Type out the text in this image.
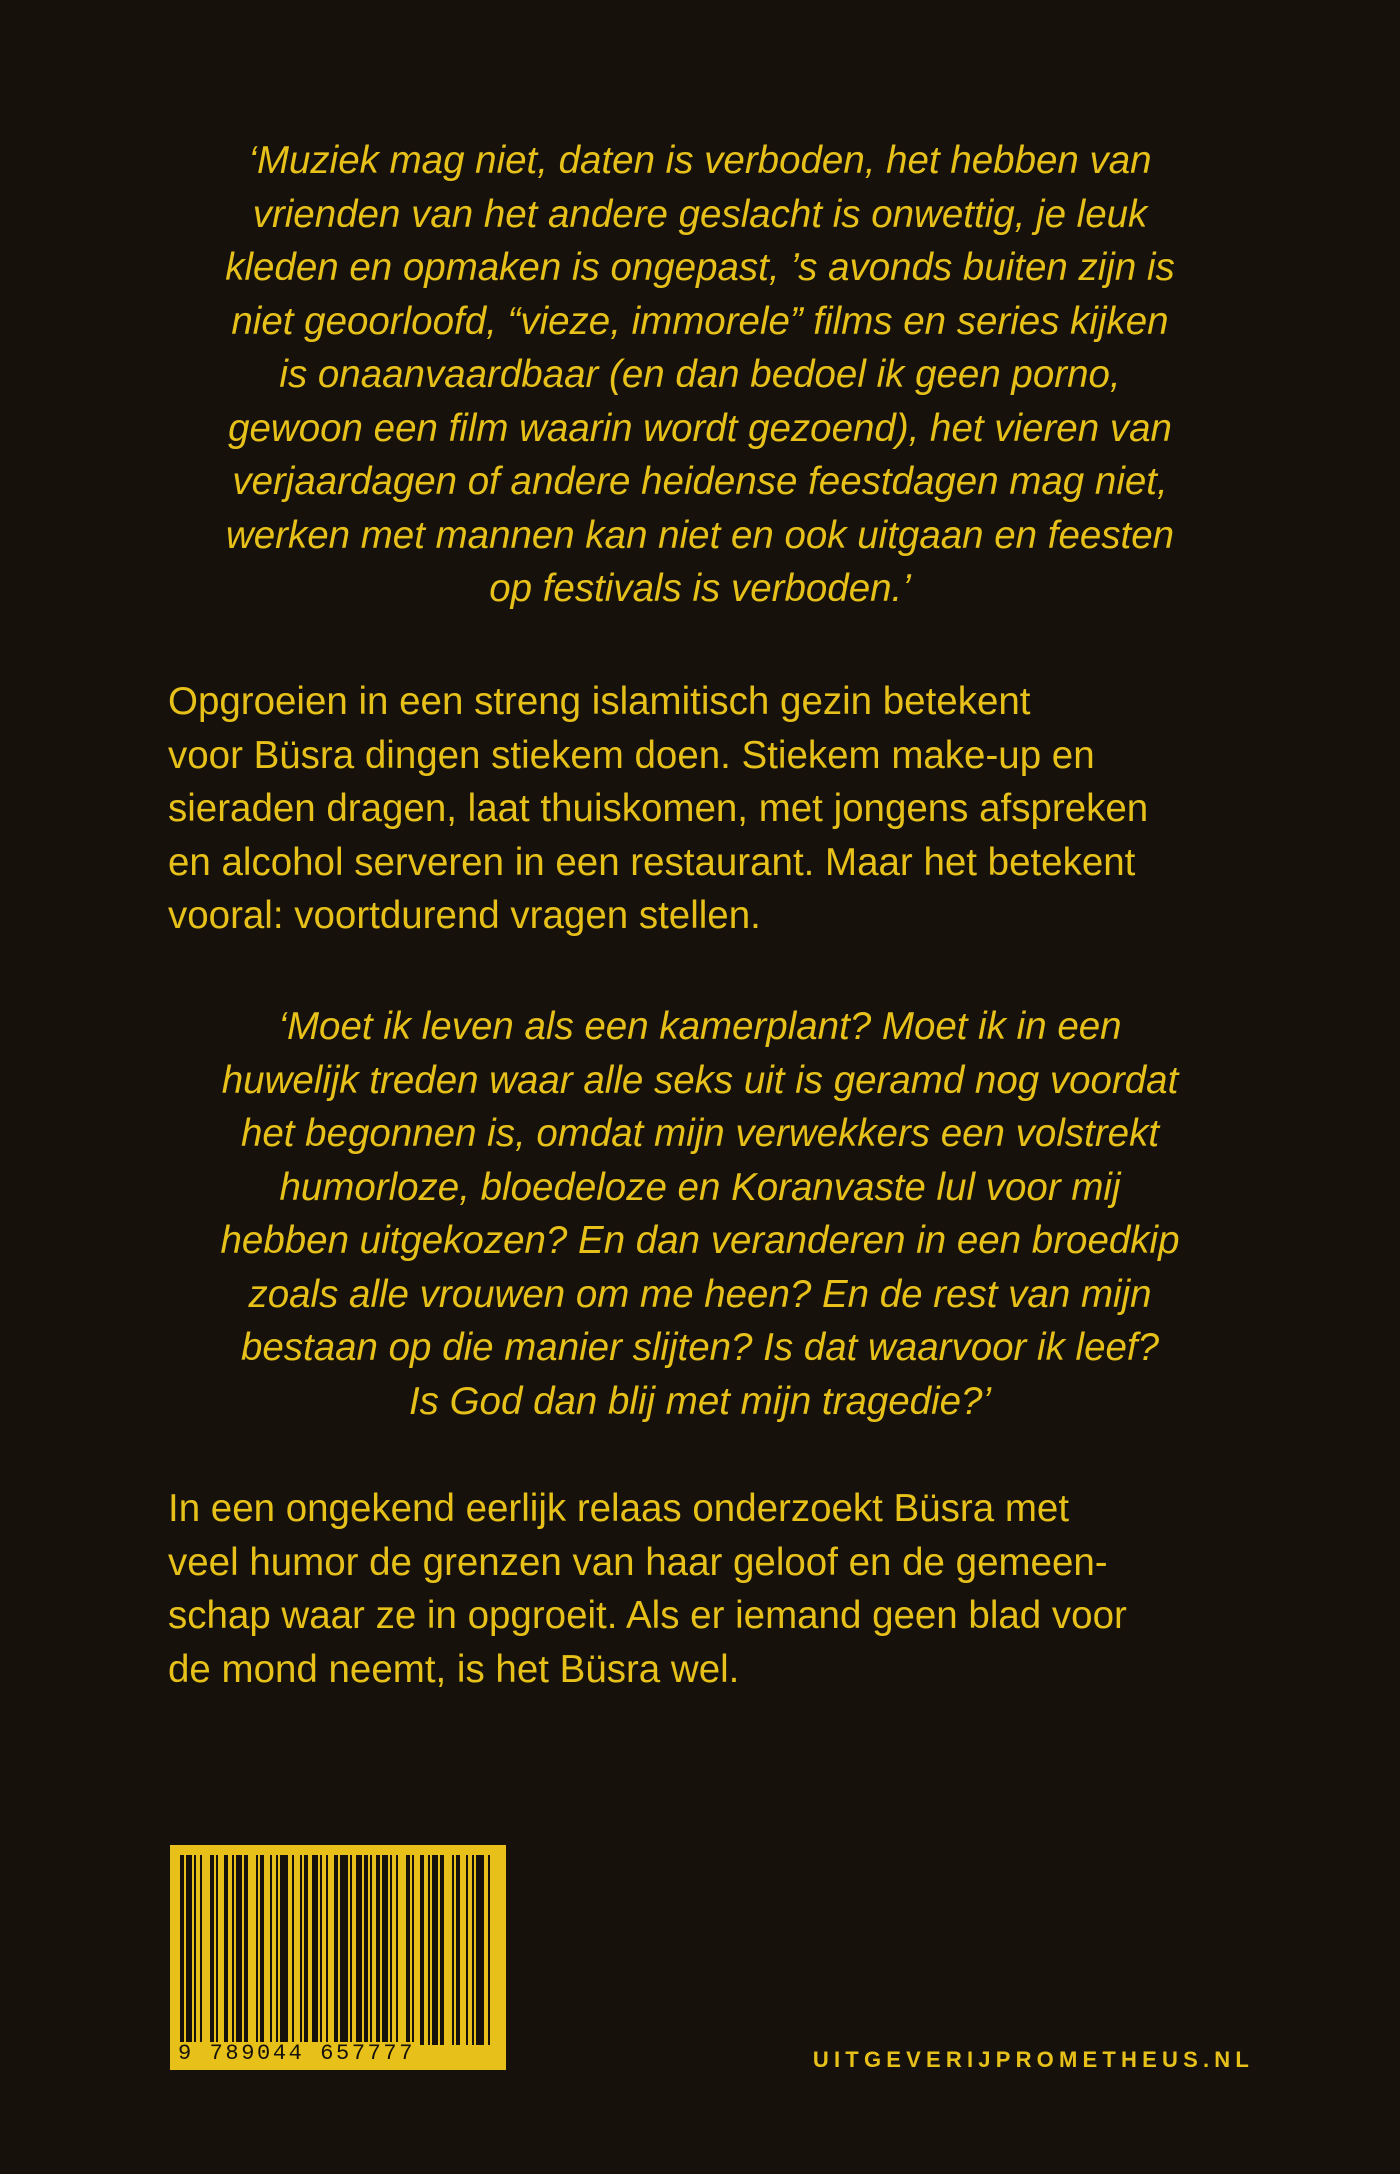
‘Muziek mag niet, daten is verboden, het hebben van
vrienden van het andere geslacht is onwettig, je leuk
kleden en opmaken is ongepast, ’s avonds buiten zijn is
niet geoorloofd, “vieze, immorele” films en series kijken
is onaanvaardbaar (en dan bedoel ik geen porno,
gewoon een film waarin wordt gezoend), het vieren van
verjaardagen of andere heidense feestdagen mag niet,
werken met mannen kan niet en ook uitgaan en feesten
op festivals is verboden.’

Opgroeien in een streng islamitisch gezin betekent
voor Büsra dingen stiekem doen. Stiekem make-up en
sieraden dragen, laat thuiskomen, met jongens afspreken
en alcohol serveren in een restaurant. Maar het betekent
vooral: voortdurend vragen stellen.

‘Moet ik leven als een kamerplant? Moet ik in een
huwelijk treden waar alle seks uit is geramd nog voordat
het begonnen is, omdat mijn verwekkers een volstrekt
humorloze, bloedeloze en Koranvaste lul voor mij
hebben uitgekozen? En dan veranderen in een broedkip
zoals alle vrouwen om me heen? En de rest van mijn
bestaan op die manier slijten? Is dat waarvoor ik leef?
Is God dan blij met mijn tragedie?’

In een ongekend eerlijk relaas onderzoekt Büsra met
veel humor de grenzen van haar geloof en de gemeen-
schap waar ze in opgroeit. Als er iemand geen blad voor
de mond neemt, is het Büsra wel.

9 789044 657777	UITGEVERIJPROMETHEUS.NL
